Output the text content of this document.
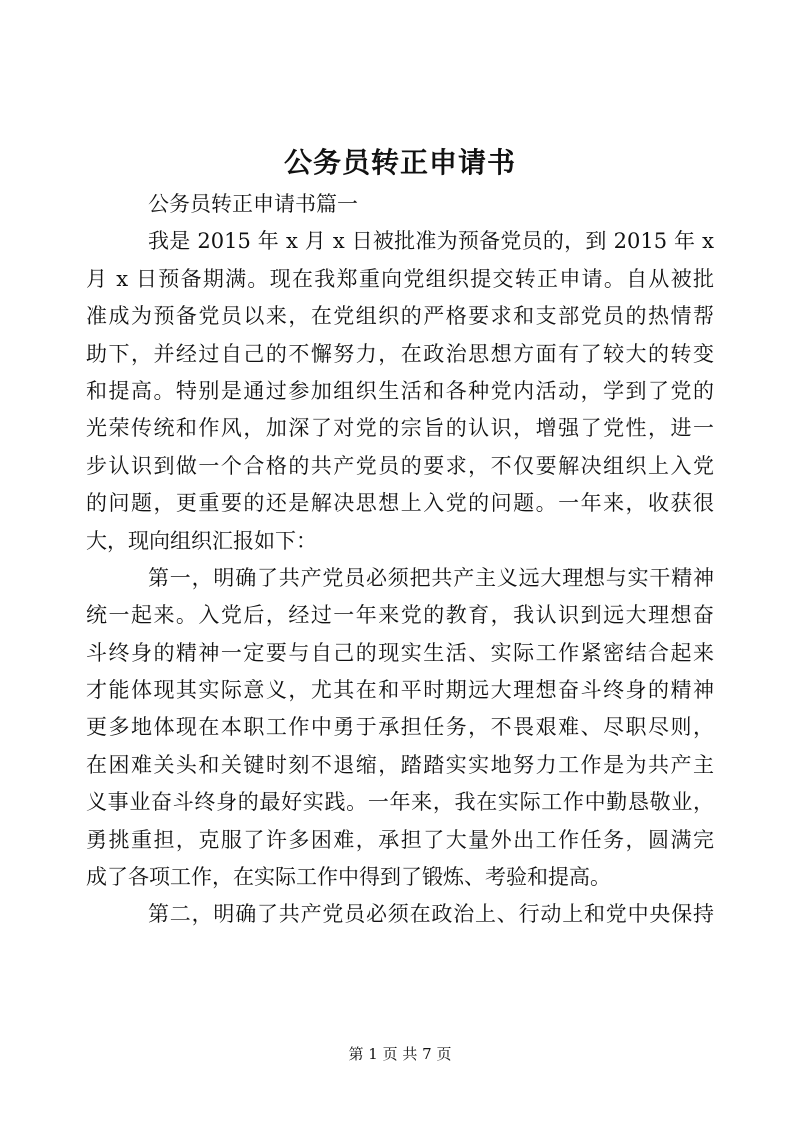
公务员转正申请书
公务员转正申请书篇一
我是 2015 年 x 月 x 日被批准为预备党员的，到 2015 年 x
月 x 日预备期满。现在我郑重向党组织提交转正申请。自从被批
准成为预备党员以来，在党组织的严格要求和支部党员的热情帮
助下，并经过自己的不懈努力，在政治思想方面有了较大的转变
和提高。特别是通过参加组织生活和各种党内活动，学到了党的
光荣传统和作风，加深了对党的宗旨的认识，增强了党性，进一
步认识到做一个合格的共产党员的要求，不仅要解决组织上入党
的问题，更重要的还是解决思想上入党的问题。一年来，收获很
大，现向组织汇报如下：
第一，明确了共产党员必须把共产主义远大理想与实干精神
统一起来。入党后，经过一年来党的教育，我认识到远大理想奋
斗终身的精神一定要与自己的现实生活、实际工作紧密结合起来
才能体现其实际意义，尤其在和平时期远大理想奋斗终身的精神
更多地体现在本职工作中勇于承担任务，不畏艰难、尽职尽则，
在困难关头和关键时刻不退缩，踏踏实实地努力工作是为共产主
义事业奋斗终身的最好实践。一年来，我在实际工作中勤恳敬业，
勇挑重担，克服了许多困难，承担了大量外出工作任务，圆满完
成了各项工作，在实际工作中得到了锻炼、考验和提高。
第二，明确了共产党员必须在政治上、行动上和党中央保持
第 1 页 共 7 页
